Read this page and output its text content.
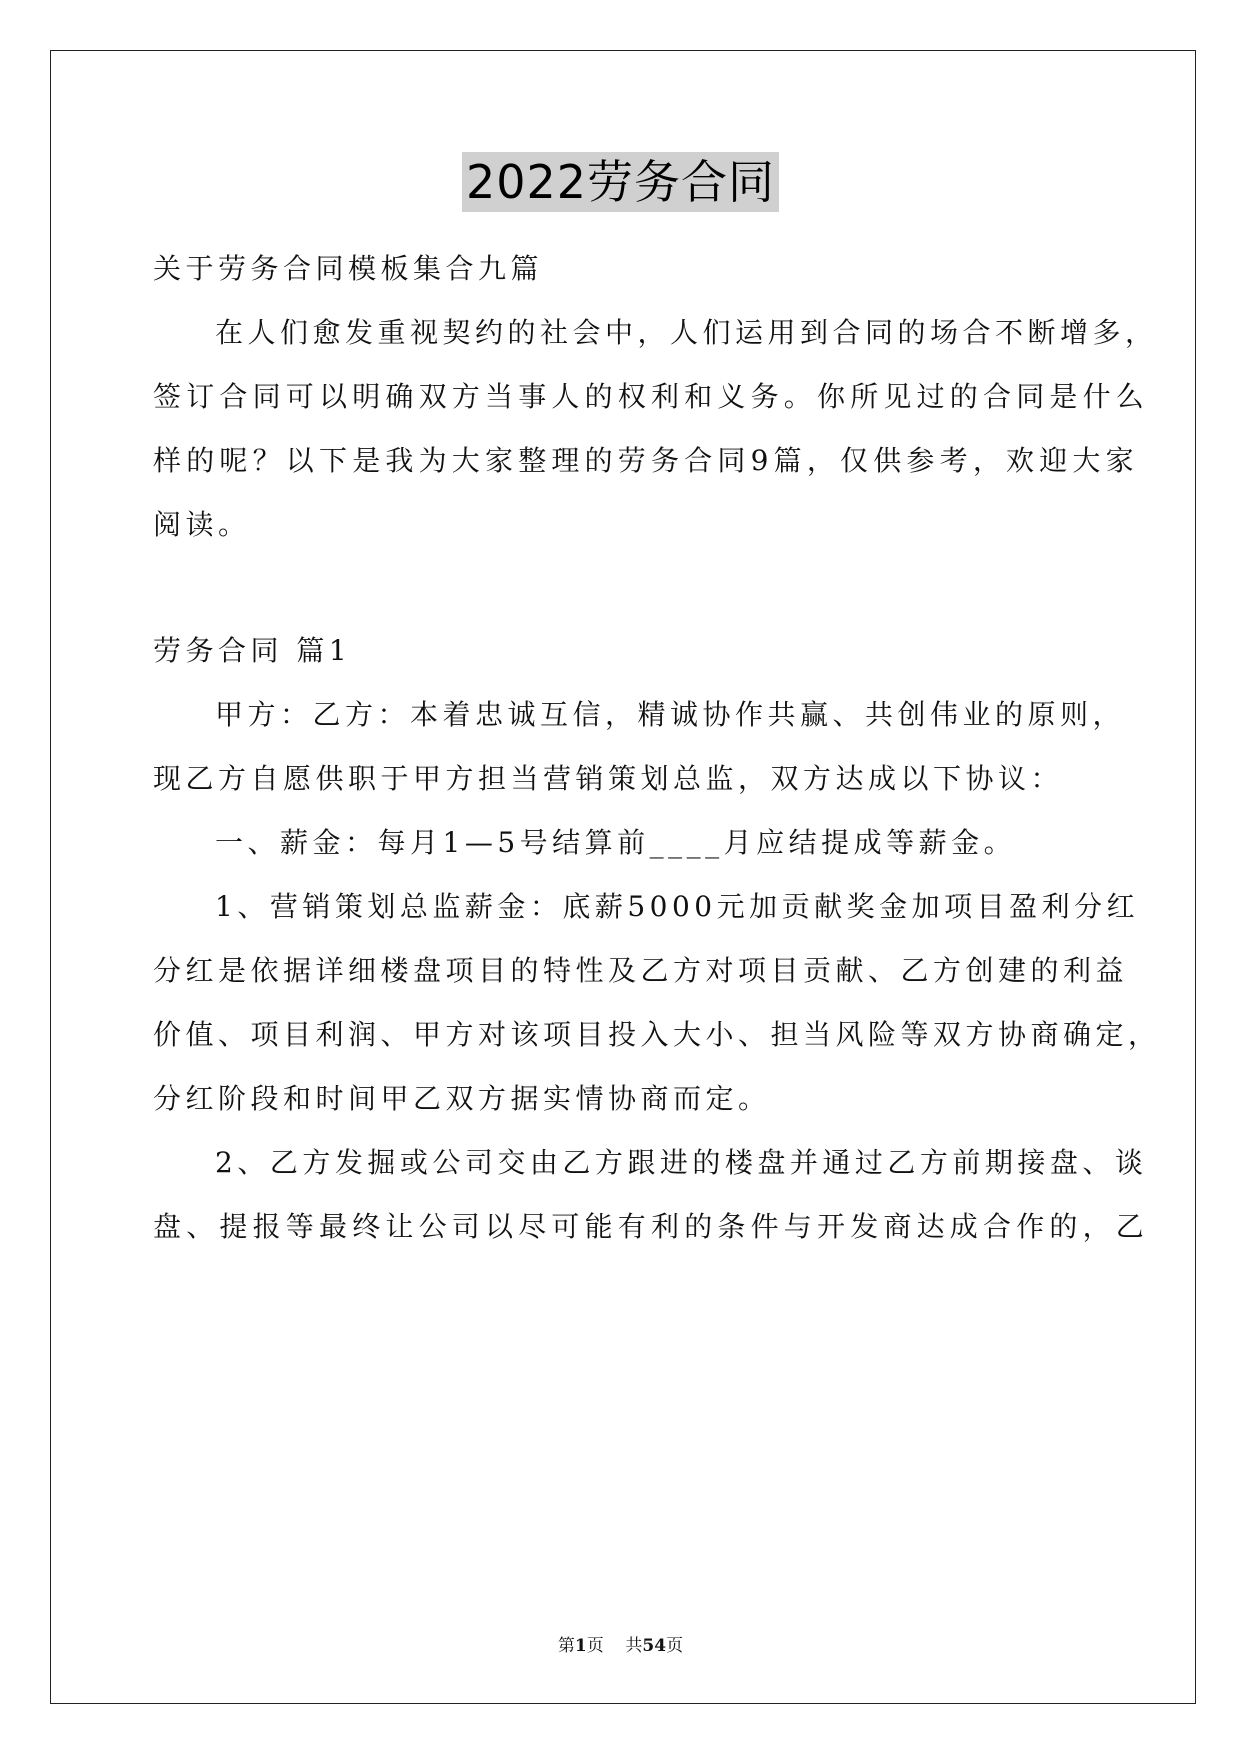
2022劳务合同
关于劳务合同模板集合九篇
在人们愈发重视契约的社会中，人们运用到合同的场合不断增多，
签订合同可以明确双方当事人的权利和义务。你所见过的合同是什么
样的呢？以下是我为大家整理的劳务合同9篇，仅供参考，欢迎大家
阅读。
劳务合同 篇1
甲方：乙方：本着忠诚互信，精诚协作共赢、共创伟业的原则，
现乙方自愿供职于甲方担当营销策划总监，双方达成以下协议：
一、薪金：每月1—5号结算前____月应结提成等薪金。
1、营销策划总监薪金：底薪5000元加贡献奖金加项目盈利分红
分红是依据详细楼盘项目的特性及乙方对项目贡献、乙方创建的利益
价值、项目利润、甲方对该项目投入大小、担当风险等双方协商确定，
分红阶段和时间甲乙双方据实情协商而定。
2、乙方发掘或公司交由乙方跟进的楼盘并通过乙方前期接盘、谈
盘、提报等最终让公司以尽可能有利的条件与开发商达成合作的，乙
第1页 共54页
